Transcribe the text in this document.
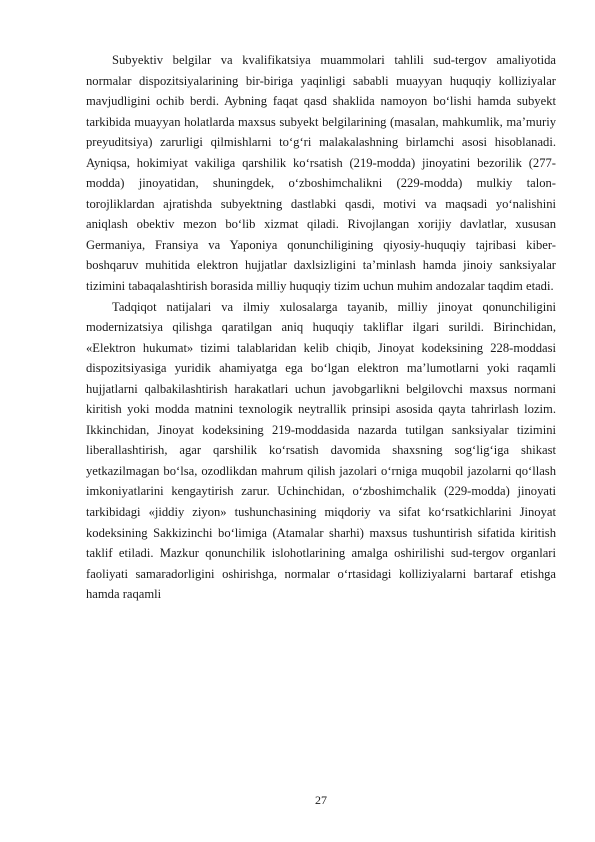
Subyektiv belgilar va kvalifikatsiya muammolari tahlili sud-tergov amaliyotida normalar dispozitsiyalarining bir-biriga yaqinligi sababli muayyan huquqiy kolliziyalar mavjudligini ochib berdi. Aybning faqat qasd shaklida namoyon bo‘lishi hamda subyekt tarkibida muayyan holatlarda maxsus subyekt belgilarining (masalan, mahkumlik, ma’muriy preyuditsiya) zarurligi qilmishlarni to‘g‘ri malakalashning birlamchi asosi hisoblanadi. Ayniqsa, hokimiyat vakiliga qarshilik ko‘rsatish (219-modda) jinoyatini bezorilik (277-modda) jinoyatidan, shuningdek, o‘zboshimchalikni (229-modda) mulkiy talon-torojliklardan ajratishda subyektning dastlabki qasdi, motivi va maqsadi yo‘nalishini aniqlash obektiv mezon bo‘lib xizmat qiladi. Rivojlangan xorijiy davlatlar, xususan Germaniya, Fransiya va Yaponiya qonunchiligining qiyosiy-huquqiy tajribasi kiber-boshqaruv muhitida elektron hujjatlar daxlsizligini ta’minlash hamda jinoiy sanksiyalar tizimini tabaqalashtirish borasida milliy huquqiy tizim uchun muhim andozalar taqdim etadi.

Tadqiqot natijalari va ilmiy xulosalarga tayanib, milliy jinoyat qonunchiligini modernizatsiya qilishga qaratilgan aniq huquqiy takliflar ilgari surildi. Birinchidan, «Elektron hukumat» tizimi talablaridan kelib chiqib, Jinoyat kodeksining 228-moddasi dispozitsiyasiga yuridik ahamiyatga ega bo‘lgan elektron ma’lumotlarni yoki raqamli hujjatlarni qalbakilashtirish harakatlari uchun javobgarlikni belgilovchi maxsus normani kiritish yoki modda matnini texnologik neytrallik prinsipi asosida qayta tahrirlash lozim. Ikkinchidan, Jinoyat kodeksining 219-moddasida nazarda tutilgan sanksiyalar tizimini liberallashtirish, agar qarshilik ko‘rsatish davomida shaxsning sog‘lig‘iga shikast yetkazilmagan bo‘lsa, ozodlikdan mahrum qilish jazolari o‘rniga muqobil jazolarni qo‘llash imkoniyatlarini kengaytirish zarur. Uchinchidan, o‘zboshimchalik (229-modda) jinoyati tarkibidagi «jiddiy ziyon» tushunchasining miqdoriy va sifat ko‘rsatkichlarini Jinoyat kodeksining Sakkizinchi bo‘limiga (Atamalar sharhi) maxsus tushuntirish sifatida kiritish taklif etiladi. Mazkur qonunchilik islohotlarining amalga oshirilishi sud-tergov organlari faoliyati samaradorligini oshirishga, normalar o‘rtasidagi kolliziyalarni bartaraf etishga hamda raqamli

27
